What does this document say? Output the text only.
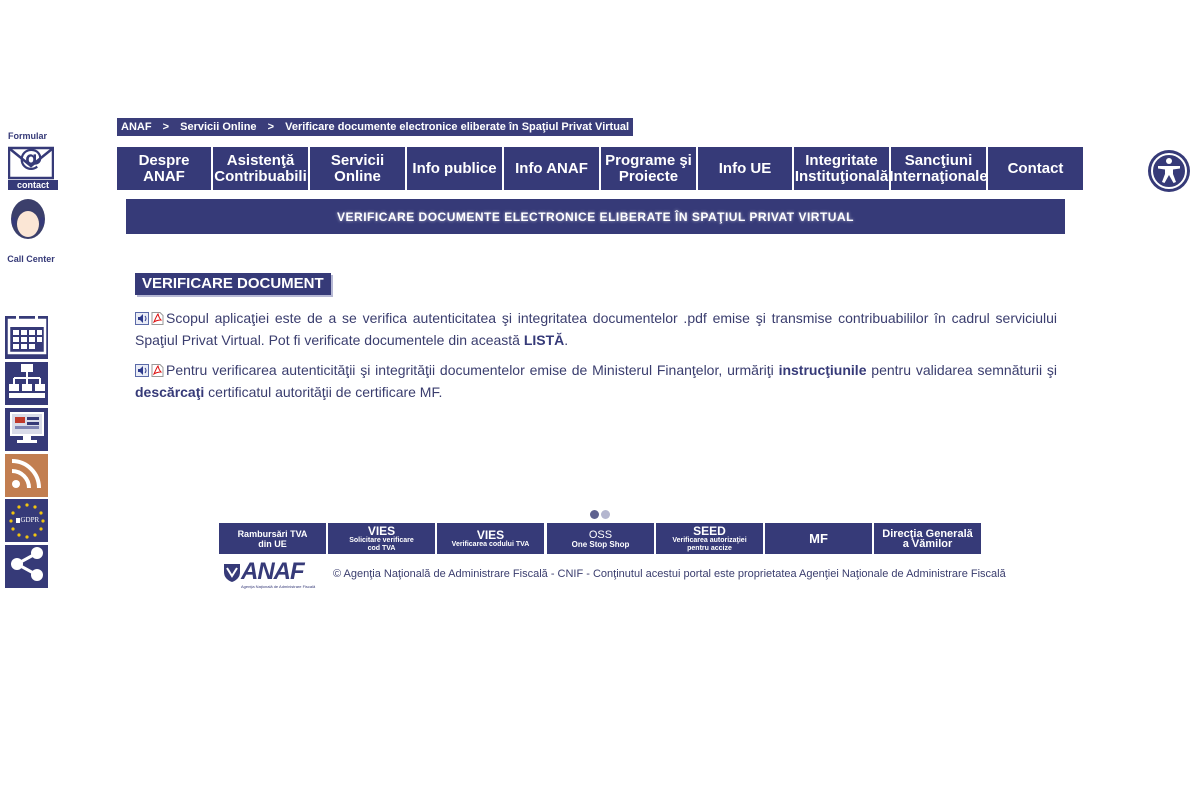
Formular
@
contact
Call Center
GDPR
ANAF > Servicii Online > Verificare documente electronice eliberate în Spaţiul Privat Virtual
Despre ANAF
Asistenţă
Contribuabili
Servicii
Online	Info publice	Info ANAF	Programe şi
Proiecte	Info UE	Integritate
Instituţională
Sancţiuni
Internaţionale	Contact
VERIFICARE DOCUMENTE ELECTRONICE ELIBERATE ÎN SPAŢIUL PRIVAT VIRTUAL
VERIFICARE DOCUMENT
Scopul aplicaţiei este de a se verifica autenticitatea şi integritatea documentelor .pdf emise şi transmise contribuabililor în cadrul serviciului Spaţiul Privat Virtual. Pot fi verificate documentele din această LISTĂ.
Pentru verificarea autenticităţii şi integrităţii documentelor emise de Ministerul Finanţelor, urmăriţi instrucţiunile pentru validarea semnăturii şi descărcaţi certificatul autorităţii de certificare MF.
Rambursări TVA
din UE
VIES
Solicitare verificare cod TVA
VIES
Verificarea codului TVA
OSS
One Stop Shop
SEED
Verificarea autorizaţiei pentru accize
MF	Direcţia Generală
a Vămilor
ANAF
Agenţia Naţională de Administrare Fiscală
© Agenţia Naţională de Administrare Fiscală - CNIF - Conţinutul acestui portal este proprietatea Agenţiei Naţionale de Administrare Fiscală
